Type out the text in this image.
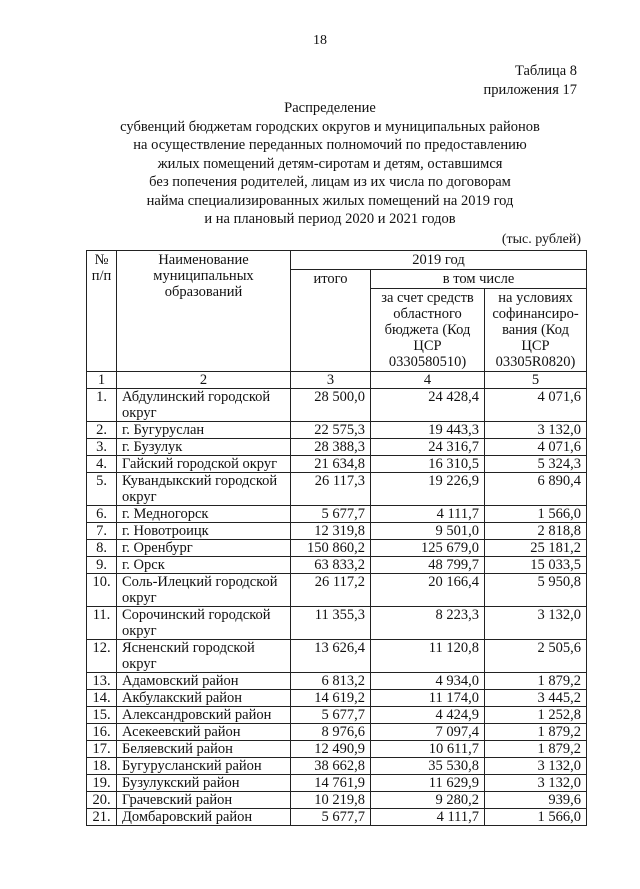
18
Таблица 8
приложения 17
Распределение
субвенций бюджетам городских округов и муниципальных районов
на осуществление переданных полномочий по предоставлению
жилых помещений детям-сиротам и детям, оставшимся
без попечения родителей, лицам из их числа по договорам
найма специализированных жилых помещений на 2019 год
и на плановый период 2020 и 2021 годов
(тыс. рублей)
№ п/п	Наименование муниципальных образований	2019 год		
		итого	в том числе	
			за счет средств областного бюджета (Код ЦСР 0330580510)	на условиях софинансиро-вания (Код ЦСР 03305R0820)
1	2	3	4	5
1.	Абдулинский городской округ	28 500,0	24 428,4	4 071,6
2.	г. Бугуруслан	22 575,3	19 443,3	3 132,0
3.	г. Бузулук	28 388,3	24 316,7	4 071,6
4.	Гайский городской округ	21 634,8	16 310,5	5 324,3
5.	Кувандыкский городской округ	26 117,3	19 226,9	6 890,4
6.	г. Медногорск	5 677,7	4 111,7	1 566,0
7.	г. Новотроицк	12 319,8	9 501,0	2 818,8
8.	г. Оренбург	150 860,2	125 679,0	25 181,2
9.	г. Орск	63 833,2	48 799,7	15 033,5
10.	Соль-Илецкий городской округ	26 117,2	20 166,4	5 950,8
11.	Сорочинский городской округ	11 355,3	8 223,3	3 132,0
12.	Ясненский городской округ	13 626,4	11 120,8	2 505,6
13.	Адамовский район	6 813,2	4 934,0	1 879,2
14.	Акбулакский район	14 619,2	11 174,0	3 445,2
15.	Александровский район	5 677,7	4 424,9	1 252,8
16.	Асекеевский район	8 976,6	7 097,4	1 879,2
17.	Беляевский район	12 490,9	10 611,7	1 879,2
18.	Бугурусланский район	38 662,8	35 530,8	3 132,0
19.	Бузулукский район	14 761,9	11 629,9	3 132,0
20.	Грачевский район	10 219,8	9 280,2	939,6
21.	Домбаровский район	5 677,7	4 111,7	1 566,0
